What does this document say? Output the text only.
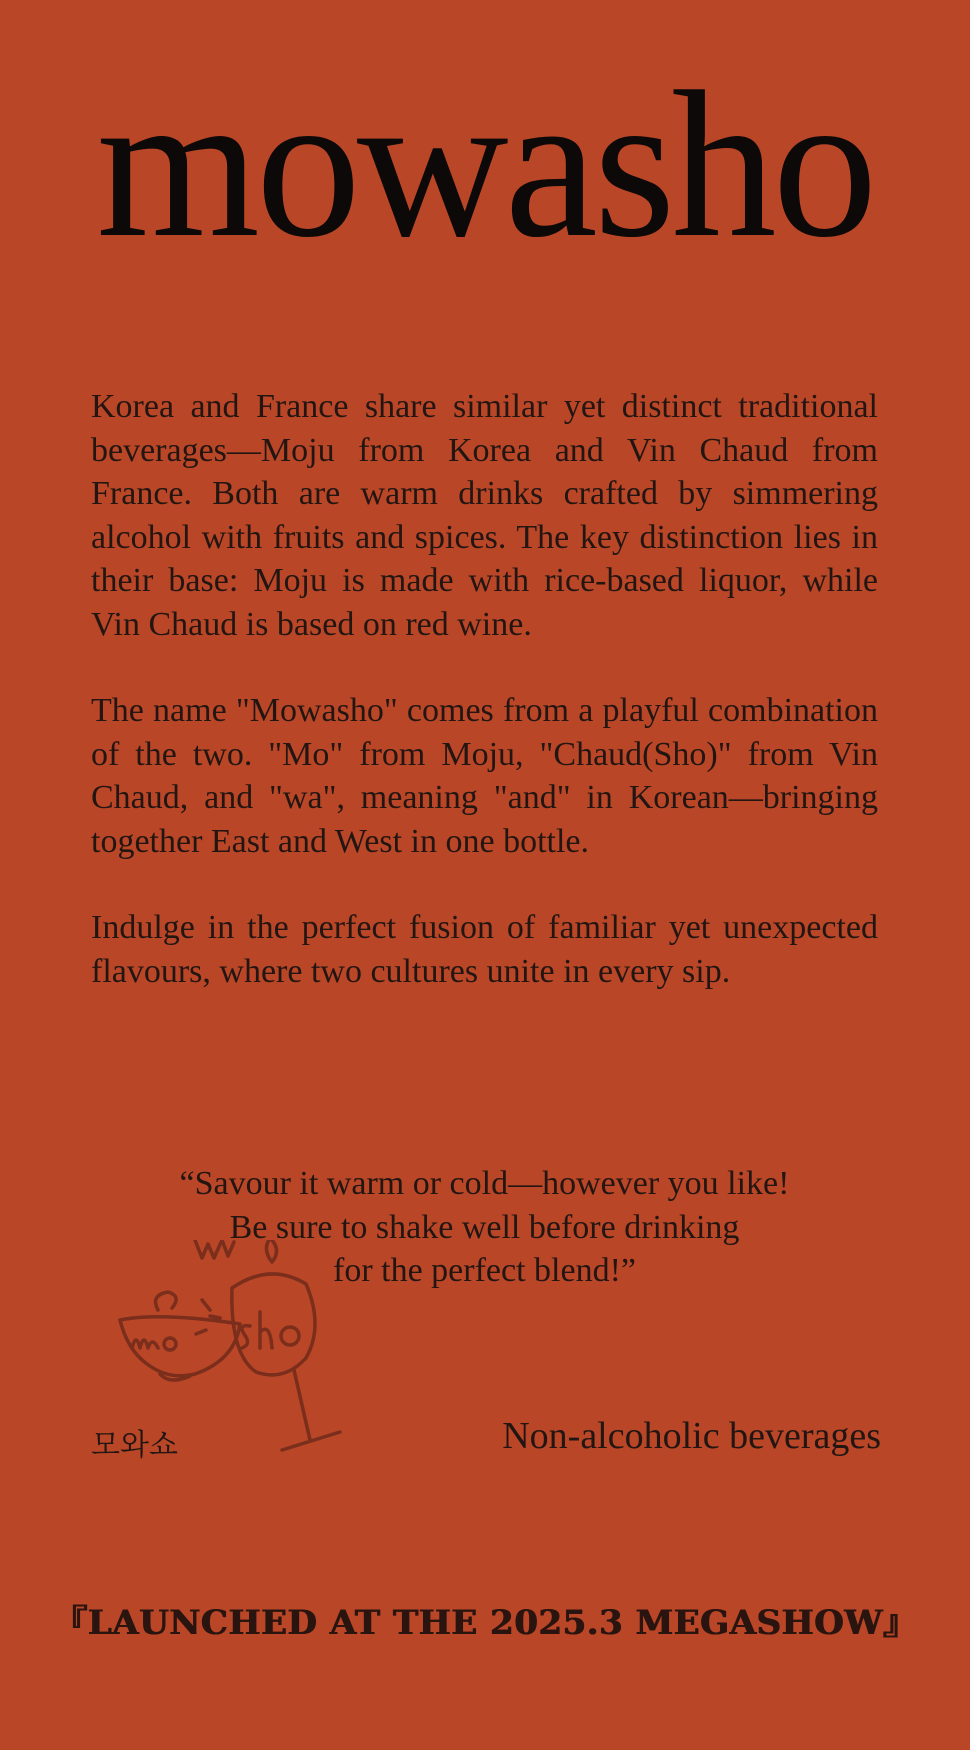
mowasho

Korea and France share similar yet distinct traditional beverages—Moju from Korea and Vin Chaud from France. Both are warm drinks crafted by simmering alcohol with fruits and spices. The key distinction lies in their base: Moju is made with rice-based liquor, while Vin Chaud is based on red wine.

The name "Mowasho" comes from a playful combination of the two. "Mo" from Moju, "Chaud(Sho)" from Vin Chaud, and "wa", meaning "and" in Korean—bringing together East and West in one bottle.

Indulge in the perfect fusion of familiar yet unexpected flavours, where two cultures unite in every sip.

“Savour it warm or cold—however you like!
Be sure to shake well before drinking
for the perfect blend!”
모와쇼	Non-alcoholic beverages
『LAUNCHED AT THE 2025.3 MEGASHOW』
